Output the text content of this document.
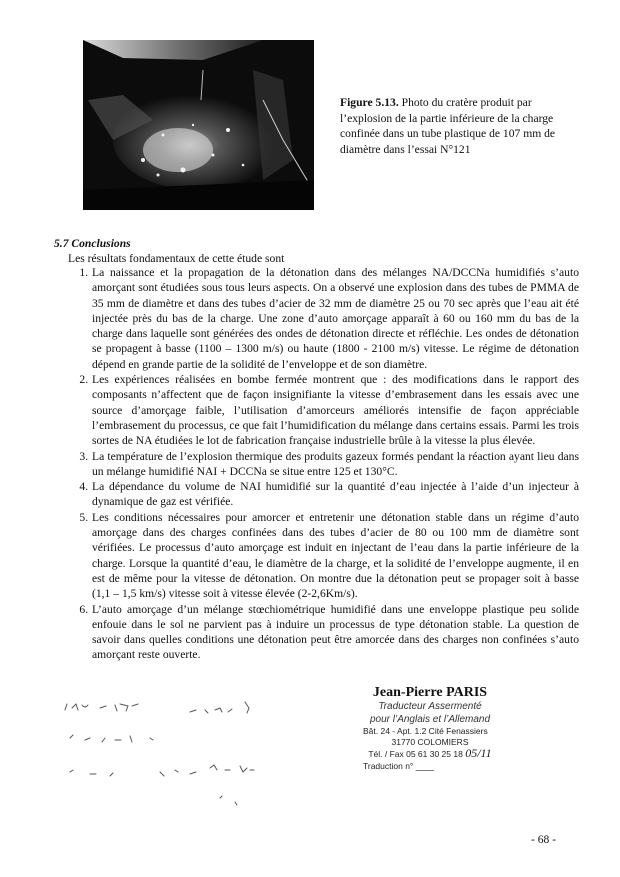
Figure 5.13. Photo du cratère produit par l’explosion de la partie inférieure de la charge confinée dans un tube plastique de 107 mm de diamètre dans l’essai N°121
5.7 Conclusions
Les résultats fondamentaux de cette étude sont
1. La naissance et la propagation de la détonation dans des mélanges NA/DCCNa humidifiés s’auto amorçant sont étudiées sous tous leurs aspects. On a observé une explosion dans des tubes de PMMA de 35 mm de diamètre et dans des tubes d’acier de 32 mm de diamètre 25 ou 70 sec après que l’eau ait été injectée près du bas de la charge. Une zone d’auto amorçage apparaît à 60 ou 160 mm du bas de la charge dans laquelle sont générées des ondes de détonation directe et réfléchie. Les ondes de détonation se propagent à basse (1100 – 1300 m/s) ou haute (1800 - 2100 m/s) vitesse. Le régime de détonation dépend en grande partie de la solidité de l’enveloppe et de son diamètre.
2. Les expériences réalisées en bombe fermée montrent que : des modifications dans le rapport des composants n’affectent que de façon insignifiante la vitesse d’embrasement dans les essais avec une source d’amorçage faible, l’utilisation d’amorceurs améliorés intensifie de façon appréciable l’embrasement du processus, ce que fait l’humidification du mélange dans certains essais. Parmi les trois sortes de NA étudiées le lot de fabrication française industrielle brûle à la vitesse la plus élevée.
3. La température de l’explosion thermique des produits gazeux formés pendant la réaction ayant lieu dans un mélange humidifié NAI + DCCNa se situe entre 125 et 130°C.
4. La dépendance du volume de NAI humidifié sur la quantité d’eau injectée à l’aide d’un injecteur à dynamique de gaz est vérifiée.
5. Les conditions nécessaires pour amorcer et entretenir une détonation stable dans un régime d’auto amorçage dans des charges confinées dans des tubes d’acier de 80 ou 100 mm de diamètre sont vérifiées. Le processus d’auto amorçage est induit en injectant de l’eau dans la partie inférieure de la charge. Lorsque la quantité d’eau, le diamètre de la charge, et la solidité de l’enveloppe augmente, il en est de même pour la vitesse de détonation. On montre due la détonation peut se propager soit à basse (1,1 – 1,5 km/s) vitesse soit à vitesse élevée (2-2,6Km/s).
6. L’auto amorçage d’un mélange stœchiométrique humidifié dans une enveloppe plastique peu solide enfouie dans le sol ne parvient pas à induire un processus de type détonation stable. La question de savoir dans quelles conditions une détonation peut être amorcée dans des charges non confinées s’auto amorçant reste ouverte.
Jean-Pierre PARIS
Traducteur Assermenté
pour l’Anglais et l’Allemand
Bât. 24 - Apt. 1.2 Cité Fenassiers
31770 COLOMIERS
Tél. / Fax 05 61 30 25 18 05/11
Traduction n° ___
- 68 -
